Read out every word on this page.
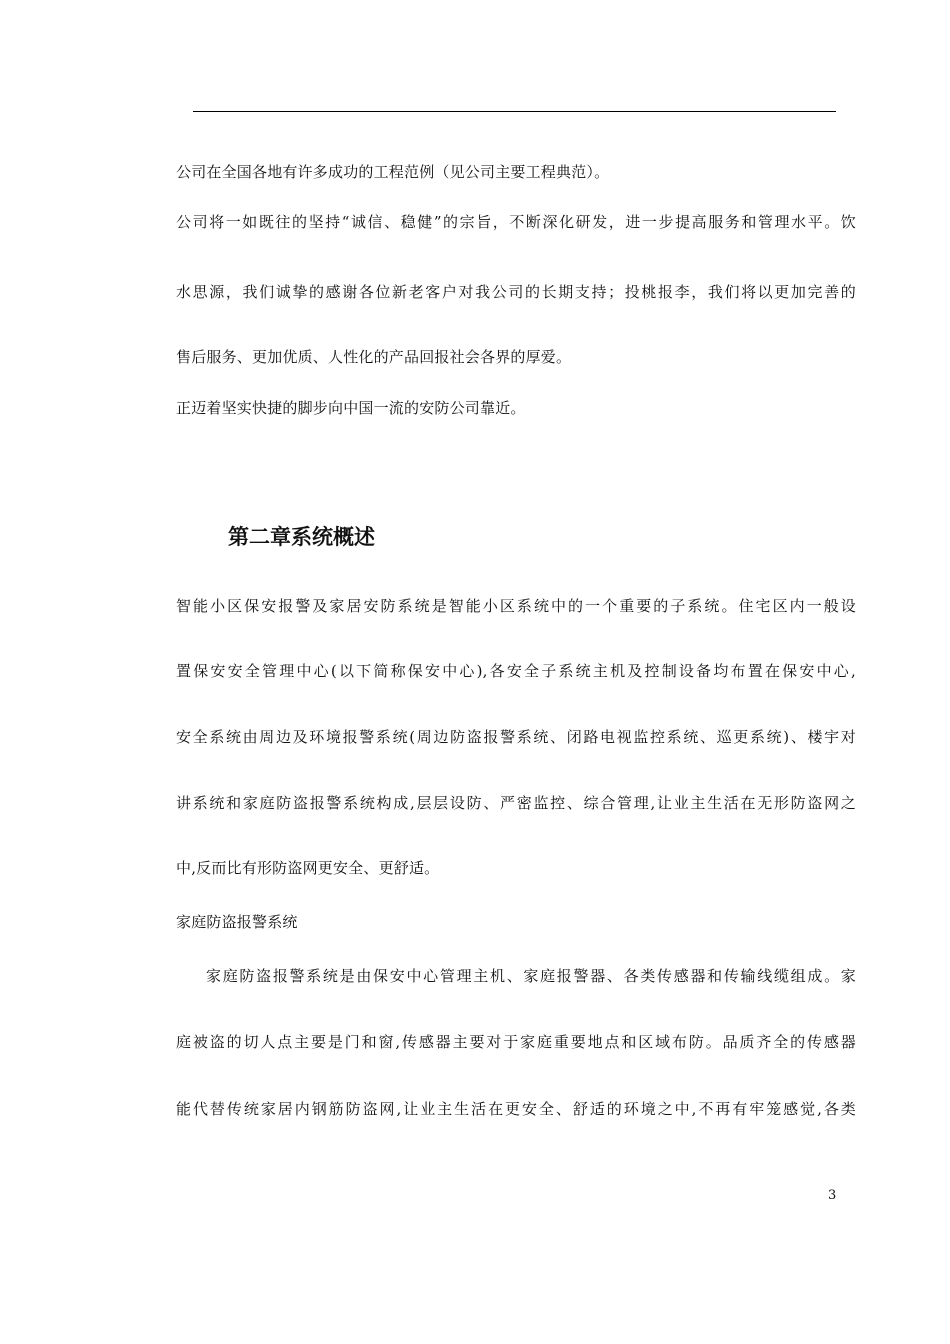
公司在全国各地有许多成功的工程范例（见公司主要工程典范）。
公司将一如既往的坚持“诚信、稳健”的宗旨，不断深化研发，进一步提高服务和管理水平。饮
水思源，我们诚挚的感谢各位新老客户对我公司的长期支持；投桃报李，我们将以更加完善的
售后服务、更加优质、人性化的产品回报社会各界的厚爱。
正迈着坚实快捷的脚步向中国一流的安防公司靠近。
第二章系统概述
智能小区保安报警及家居安防系统是智能小区系统中的一个重要的子系统。住宅区内一般设
置保安安全管理中心(以下简称保安中心),各安全子系统主机及控制设备均布置在保安中心,
安全系统由周边及环境报警系统(周边防盗报警系统、闭路电视监控系统、巡更系统)、楼宇对
讲系统和家庭防盗报警系统构成,层层设防、严密监控、综合管理,让业主生活在无形防盗网之
中,反而比有形防盗网更安全、更舒适。
家庭防盗报警系统
家庭防盗报警系统是由保安中心管理主机、家庭报警器、各类传感器和传输线缆组成。家
庭被盗的切人点主要是门和窗,传感器主要对于家庭重要地点和区域布防。品质齐全的传感器
能代替传统家居内钢筋防盗网,让业主生活在更安全、舒适的环境之中,不再有牢笼感觉,各类
3
